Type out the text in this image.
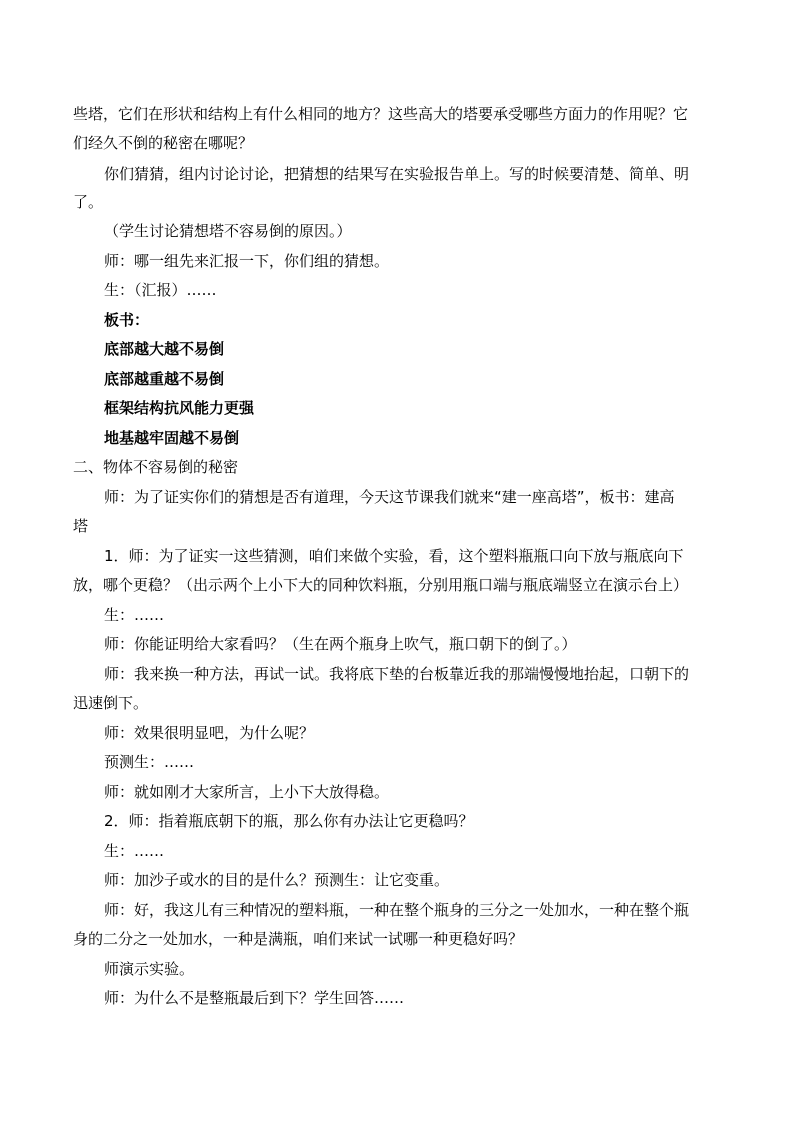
些塔，它们在形状和结构上有什么相同的地方？这些高大的塔要承受哪些方面力的作用呢？它
们经久不倒的秘密在哪呢？
你们猜猜，组内讨论讨论，把猜想的结果写在实验报告单上。写的时候要清楚、简单、明
了。
（学生讨论猜想塔不容易倒的原因。）
师：哪一组先来汇报一下，你们组的猜想。
生：（汇报）……
板书：
底部越大越不易倒
底部越重越不易倒
框架结构抗风能力更强
地基越牢固越不易倒
二、物体不容易倒的秘密
师：为了证实你们的猜想是否有道理，今天这节课我们就来“建一座高塔”，板书：建高
塔
1．师：为了证实一这些猜测，咱们来做个实验，看，这个塑料瓶瓶口向下放与瓶底向下
放，哪个更稳？（出示两个上小下大的同种饮料瓶，分别用瓶口端与瓶底端竖立在演示台上）
生：……
师：你能证明给大家看吗？（生在两个瓶身上吹气，瓶口朝下的倒了。）
师：我来换一种方法，再试一试。我将底下垫的台板靠近我的那端慢慢地抬起，口朝下的
迅速倒下。
师：效果很明显吧，为什么呢？
预测生：……
师：就如刚才大家所言，上小下大放得稳。
2．师：指着瓶底朝下的瓶，那么你有办法让它更稳吗？
生：……
师：加沙子或水的目的是什么？预测生：让它变重。
师：好，我这儿有三种情况的塑料瓶，一种在整个瓶身的三分之一处加水，一种在整个瓶
身的二分之一处加水，一种是满瓶，咱们来试一试哪一种更稳好吗？
师演示实验。
师：为什么不是整瓶最后到下？学生回答……
